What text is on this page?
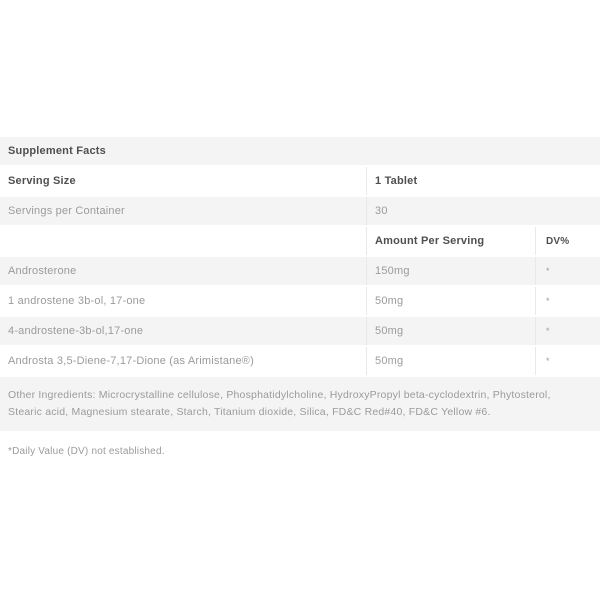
Supplement Facts		
Serving Size	1 Tablet	
Servings per Container	30	
	Amount Per Serving	DV%
Androsterone	150mg	*
1 androstene 3b-ol, 17-one	50mg	*
4-androstene-3b-ol,17-one	50mg	*
Androsta 3,5-Diene-7,17-Dione (as Arimistane®)	50mg	*
Other Ingredients: Microcrystalline cellulose, Phosphatidylcholine, HydroxyPropyl beta-cyclodextrin, Phytosterol, Stearic acid, Magnesium stearate, Starch, Titanium dioxide, Silica, FD&C Red#40, FD&C Yellow #6.		
*Daily Value (DV) not established.
